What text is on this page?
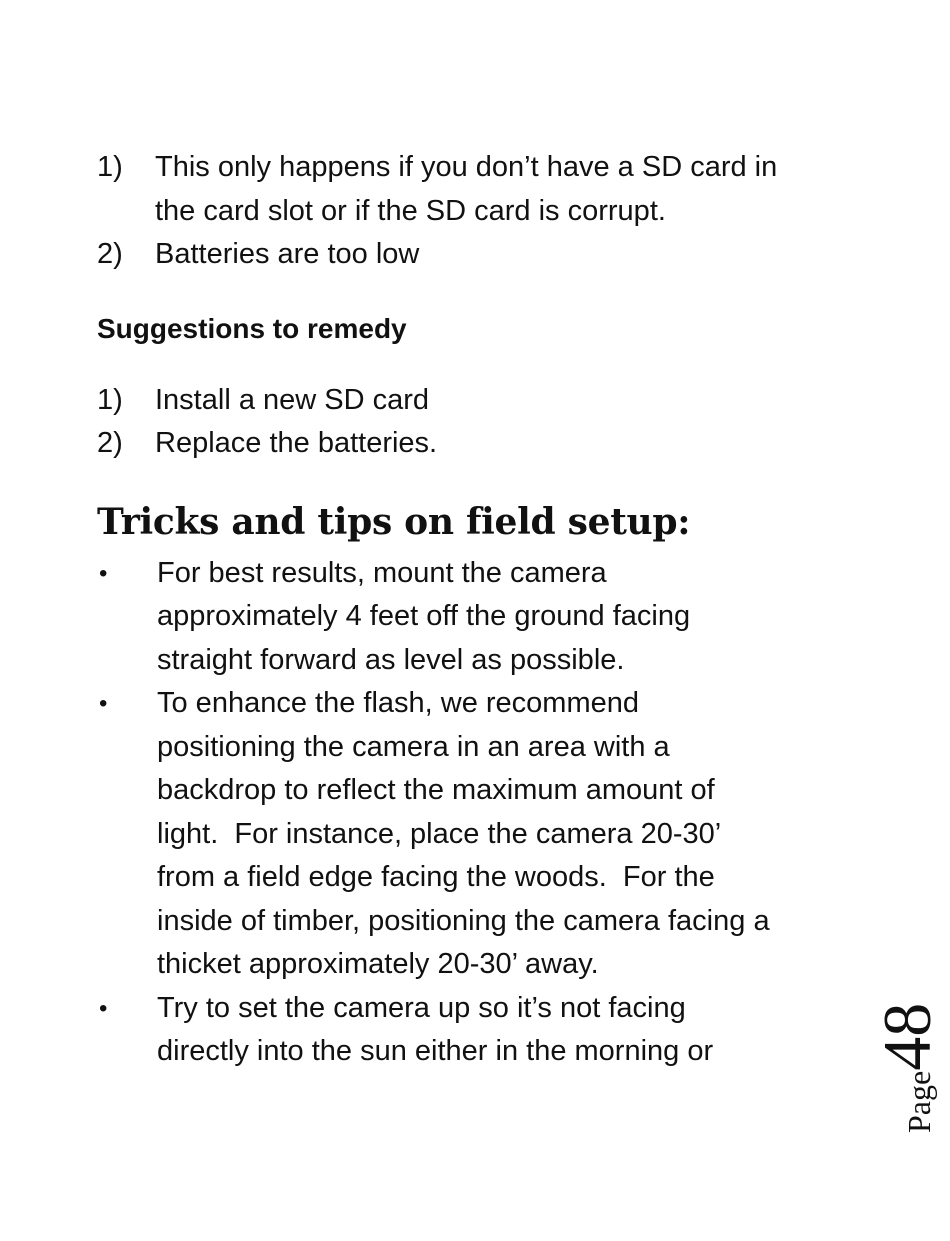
1)	This only happens if you don’t have a SD card in
the card slot or if the SD card is corrupt.
2)	Batteries are too low
Suggestions to remedy
1)	Install a new SD card
2)	Replace the batteries.
Tricks and tips on field setup:
•	For best results, mount the camera
approximately 4 feet off the ground facing
straight forward as level as possible.
•	To enhance the flash, we recommend
positioning the camera in an area with a
backdrop to reflect the maximum amount of
light.  For instance, place the camera 20-30’
from a field edge facing the woods.  For the
inside of timber, positioning the camera facing a
thicket approximately 20-30’ away.
•	Try to set the camera up so it’s not facing
directly into the sun either in the morning or
Page
48
